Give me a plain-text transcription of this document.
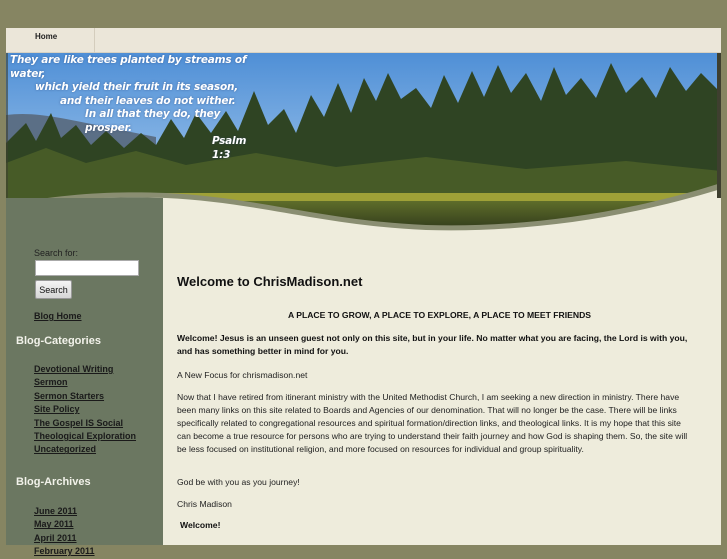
Home
They are like trees planted by streams of water,
which yield their fruit in its season,
and their leaves do not wither.
In all that they do, they prosper.
Psalm 1:3
Search for:
Search
Blog Home
Blog-Categories
Devotional Writing
Sermon
Sermon Starters
Site Policy
The Gospel IS Social
Theological Exploration
Uncategorized
Blog-Archives
June 2011
May 2011
April 2011
February 2011
Welcome to ChrisMadison.net
A PLACE TO GROW, A PLACE TO EXPLORE, A PLACE TO MEET FRIENDS
Welcome! Jesus is an unseen guest not only on this site, but in your life. No matter what you are facing, the Lord is with you, and has something better in mind for you.
A New Focus for chrismadison.net
Now that I have retired from itinerant ministry with the United Methodist Church, I am seeking a new direction in ministry. There have been many links on this site related to Boards and Agencies of our denomination. That will no longer be the case. There will be links specifically related to congregational resources and spiritual formation/direction links, and theological links. It is my hope that this site can become a true resource for persons who are trying to understand their faith journey and how God is shaping them. So, the site will be less focused on institutional religion, and more focused on resources for individual and group spirituality.
God be with you as you journey!
Chris Madison
Welcome!
